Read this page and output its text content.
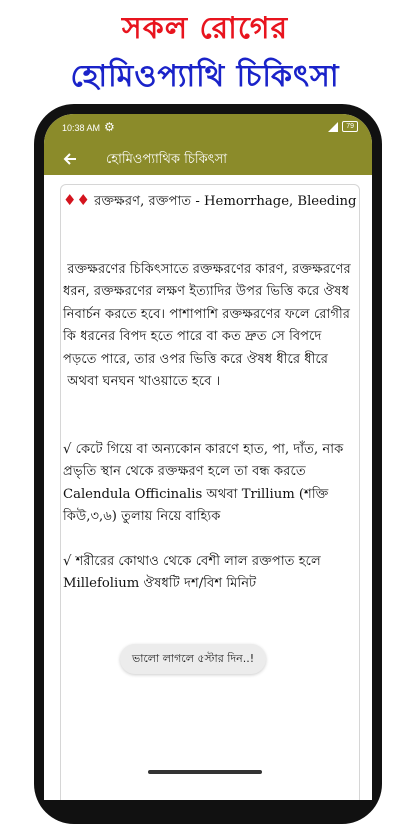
সকল রোগের
হোমিওপ্যাথি চিকিৎসা
10:38 AM ⚙	79
হোমিওপ্যাথিক চিকিৎসা

♦♦ রক্তক্ষরণ, রক্তপাত - Hemorrhage, Bleeding

রক্তক্ষরণের চিকিৎসাতে রক্তক্ষরণের কারণ, রক্তক্ষরণের ধরন, রক্তক্ষরণের লক্ষণ ইত্যাদির উপর ভিত্তি করে ঔষধ নিবার্চন করতে হবে। পাশাপাশি রক্তক্ষরণের ফলে রোগীর কি ধরনের বিপদ হতে পারে বা কত দ্রুত সে বিপদে পড়তে পারে, তার ওপর ভিত্তি করে ঔষধ ধীরে ধীরে
অথবা ঘনঘন খাওয়াতে হবে ।

√ কেটে গিয়ে বা অন্যকোন কারণে হাত, পা, দাঁত, নাক প্রভৃতি স্থান থেকে রক্তক্ষরণ হলে তা বন্ধ করতে Calendula Officinalis অথবা Trillium (শক্তি কিউ,৩,৬) তুলায় নিয়ে বাহ্যিক

√ শরীরের কোথাও থেকে বেশী লাল রক্তপাত হলে Millefolium ঔষধটি দশ/বিশ মিনিট

ভালো লাগলে ৫স্টার দিন..!
